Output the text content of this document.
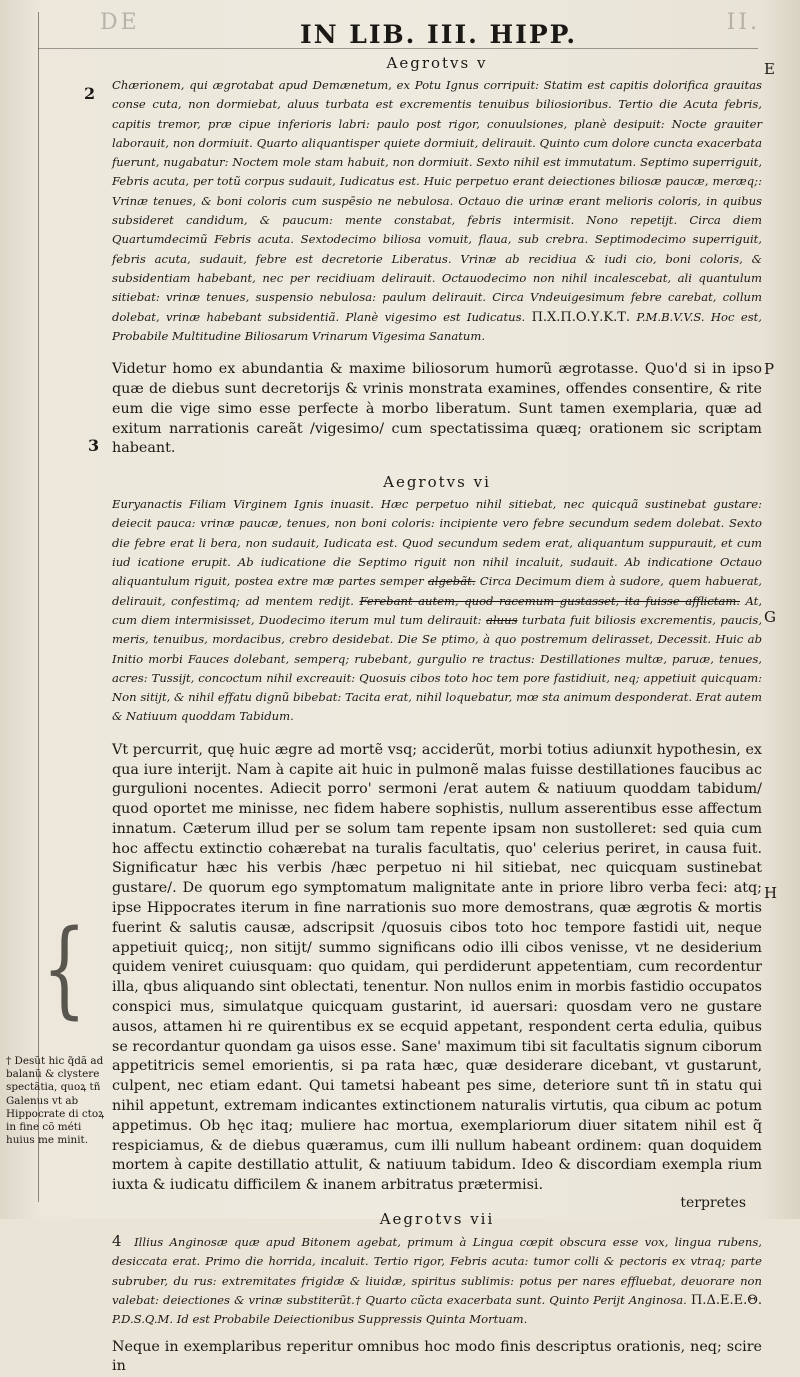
DE	IN LIB. III. HIPP.	II.
2
3
E
P
G
H
{
† Desũt hic q̃dã ad balanũ & clystere spectãtia, quoꝝ tñ Galenus vt ab Hippocrate di ctoꝝ in fine cõ méti huius me minit.
Aegrotvs v

Chærionem, qui ægrotabat apud Demænetum, ex Potu Ignus corripuit: Statim est capitis dolorifica grauitas conse cuta, non dormiebat, aluus turbata est excrementis tenuibus biliosioribus. Tertio die Acuta febris, capitis tremor, præ cipue inferioris labri: paulo post rigor, conuulsiones, planè desipuit: Nocte grauiter laborauit, non dormiuit. Quarto aliquantisper quiete dormiuit, delirauit. Quinto cum dolore cuncta exacerbata fuerunt, nugabatur: Noctem mole stam habuit, non dormiuit. Sexto nihil est immutatum. Septimo superriguit, Febris acuta, per totũ corpus sudauit, Iudicatus est. Huic perpetuo erant deiectiones biliosæ paucæ, meræq;: Vrinæ tenues, & boni coloris cum suspēsio ne nebulosa. Octauo die urinæ erant melioris coloris, in quibus subsideret candidum, & paucum: mente constabat, febris intermisit. Nono repetijt. Circa diem Quartumdecimũ Febris acuta. Sextodecimo biliosa vomuit, flaua, sub crebra. Septimodecimo superriguit, febris acuta, sudauit, febre est decretorie Liberatus. Vrinæ ab recidiua & iudi cio, boni coloris, & subsidentiam habebant, nec per recidiuam delirauit. Octauodecimo non nihil incalescebat, ali quantulum sitiebat: vrinæ tenues, suspensio nebulosa: paulum delirauit. Circa Vndeuigesimum febre carebat, collum dolebat, vrinæ habebant subsidentiã. Planè vigesimo est Iudicatus. Π.Χ.Π.Ο.Υ.Κ.Τ. P.M.B.V.V.S. Hoc est, Probabile Multitudine Biliosarum Vrinarum Vigesima Sanatum.

Videtur homo ex abundantia & maxime biliosorum humorũ ægrotasse. Quo'd si in ipso quæ de diebus sunt decretorijs & vrinis monstrata examines, offendes consentire, & rite eum die vige simo esse perfecte à morbo liberatum. Sunt tamen exemplaria, quæ ad exitum narrationis careãt /vigesimo/ cum spectatissima quæq; orationem sic scriptam habeant.

Aegrotvs vi

Euryanactis Filiam Virginem Ignis inuasit. Hæc perpetuo nihil sitiebat, nec quicquã sustinebat gustare: deiecit pauca: vrinæ paucæ, tenues, non boni coloris: incipiente vero febre secundum sedem dolebat. Sexto die febre erat li bera, non sudauit, Iudicata est. Quod secundum sedem erat, aliquantum suppurauit, et cum iud icatione erupit. Ab iudicatione die Septimo riguit non nihil incaluit, sudauit. Ab indicatione Octauo aliquantulum riguit, postea extre mæ partes semper algebãt. Circa Decimum diem à sudore, quem habuerat, delirauit, confestimq; ad mentem redijt. Ferebant autem, quod racemum gustasset, ita fuisse afflictam. At, cum diem intermisisset, Duodecimo iterum mul tum delirauit: aluus turbata fuit biliosis excrementis, paucis, meris, tenuibus, mordacibus, crebro desidebat. Die Se ptimo, à quo postremum delirasset, Decessit. Huic ab Initio morbi Fauces dolebant, semperq; rubebant, gurgulio re tractus: Destillationes multæ, paruæ, tenues, acres: Tussijt, concoctum nihil excreauit: Quosuis cibos toto hoc tem pore fastidiuit, neq; appetiuit quicquam: Non sitijt, & nihil effatu dignũ bibebat: Tacita erat, nihil loquebatur, mœ sta animum desponderat. Erat autem & Natiuum quoddam Tabidum.

Vt percurrit, quę huic ægre ad mortẽ vsq; acciderũt, morbi totius adiunxit hypothesin, ex qua iure interijt. Nam à capite ait huic in pulmonẽ malas fuisse destillationes faucibus ac gurgulioni nocentes. Adiecit porro' sermoni /erat autem & natiuum quoddam tabidum/ quod oportet me minisse, nec fidem habere sophistis, nullum asserentibus esse affectum innatum. Cæterum illud per se solum tam repente ipsam non sustolleret: sed quia cum hoc affectu extinctio cohærebat na turalis facultatis, quo' celerius periret, in causa fuit. Significatur hæc his verbis /hæc perpetuo ni hil sitiebat, nec quicquam sustinebat gustare/. De quorum ego symptomatum malignitate ante in priore libro verba feci: atq; ipse Hippocrates iterum in fine narrationis suo more demostrans, quæ ægrotis & mortis fuerint & salutis causæ, adscripsit /quosuis cibos toto hoc tempore fastidi uit, neque appetiuit quicq;, non sitijt/ summo significans odio illi cibos venisse, vt ne desiderium quidem veniret cuiusquam: quo quidam, qui perdiderunt appetentiam, cum recordentur illa, qbus aliquando sint oblectati, tenentur. Non nullos enim in morbis fastidio occupatos conspici mus, simulatque quicquam gustarint, id auersari: quosdam vero ne gustare ausos, attamen hi re quirentibus ex se ecquid appetant, respondent certa edulia, quibus se recordantur quondam ga uisos esse. Sane' maximum tibi sit facultatis signum ciborum appetitricis semel emorientis, si pa rata hæc, quæ desiderare dicebant, vt gustarunt, culpent, nec etiam edant. Qui tametsi habeant pes sime, deteriore sunt tñ in statu qui nihil appetunt, extremam indicantes extinctionem naturalis virtutis, qua cibum ac potum appetimus. Ob hęc itaq; muliere hac mortua, exemplariorum diuer sitatem nihil est q̃ respiciamus, & de diebus quæramus, cum illi nullum habeant ordinem: quan doquidem mortem à capite destillatio attulit, & natiuum tabidum. Ideo & discordiam exempla rium iuxta & iudicatu difficilem & inanem arbitratus prætermisi.

Aegrotvs vii

4 Illius Anginosæ quæ apud Bitonem agebat, primum à Lingua cœpit obscura esse vox, lingua rubens, desiccata erat. Primo die horrida, incaluit. Tertio rigor, Febris acuta: tumor colli & pectoris ex vtraq; parte subruber, du rus: extremitates frigidæ & liuidæ, spiritus sublimis: potus per nares effluebat, deuorare non valebat: deiectiones & vrinæ substiterũt.† Quarto cũcta exacerbata sunt. Quinto Perijt Anginosa. Π.Δ.Ε.Ε.Θ. P.D.S.Q.M. Id est Probabile Deiectionibus Suppressis Quinta Mortuam.

Neque in exemplaribus reperitur omnibus hoc modo finis descriptus orationis, neq; scire in

terpretes
